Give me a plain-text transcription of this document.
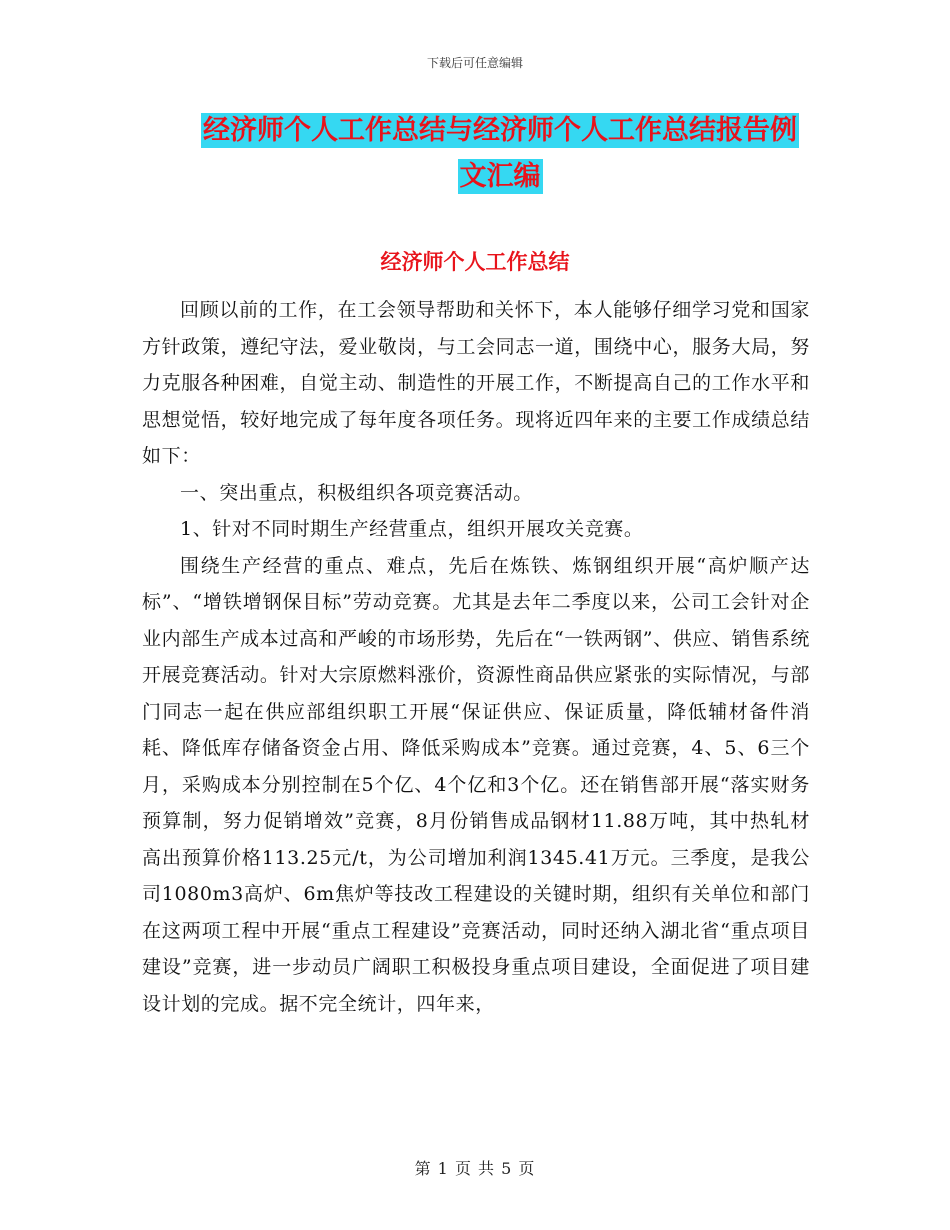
下载后可任意编辑
经济师个人工作总结与经济师个人工作总结报告例文汇编
经济师个人工作总结

回顾以前的工作，在工会领导帮助和关怀下，本人能够仔细学习党和国家方针政策，遵纪守法，爱业敬岗，与工会同志一道，围绕中心，服务大局，努力克服各种困难，自觉主动、制造性的开展工作，不断提高自己的工作水平和思想觉悟，较好地完成了每年度各项任务。现将近四年来的主要工作成绩总结如下：

一、突出重点，积极组织各项竞赛活动。

1、针对不同时期生产经营重点，组织开展攻关竞赛。

围绕生产经营的重点、难点，先后在炼铁、炼钢组织开展“高炉顺产达标”、“增铁增钢保目标”劳动竞赛。尤其是去年二季度以来，公司工会针对企业内部生产成本过高和严峻的市场形势，先后在“一铁两钢”、供应、销售系统开展竞赛活动。针对大宗原燃料涨价，资源性商品供应紧张的实际情况，与部门同志一起在供应部组织职工开展“保证供应、保证质量，降低辅材备件消耗、降低库存储备资金占用、降低采购成本”竞赛。通过竞赛，4、5、6三个月，采购成本分别控制在5个亿、4个亿和3个亿。还在销售部开展“落实财务预算制，努力促销增效”竞赛，8月份销售成品钢材11.88万吨，其中热轧材高出预算价格113.25元/t，为公司增加利润1345.41万元。三季度，是我公司1080m3高炉、6m焦炉等技改工程建设的关键时期，组织有关单位和部门在这两项工程中开展“重点工程建设”竞赛活动，同时还纳入湖北省“重点项目建设”竞赛，进一步动员广阔职工积极投身重点项目建设，全面促进了项目建设计划的完成。据不完全统计，四年来，

第 1 页 共 5 页
